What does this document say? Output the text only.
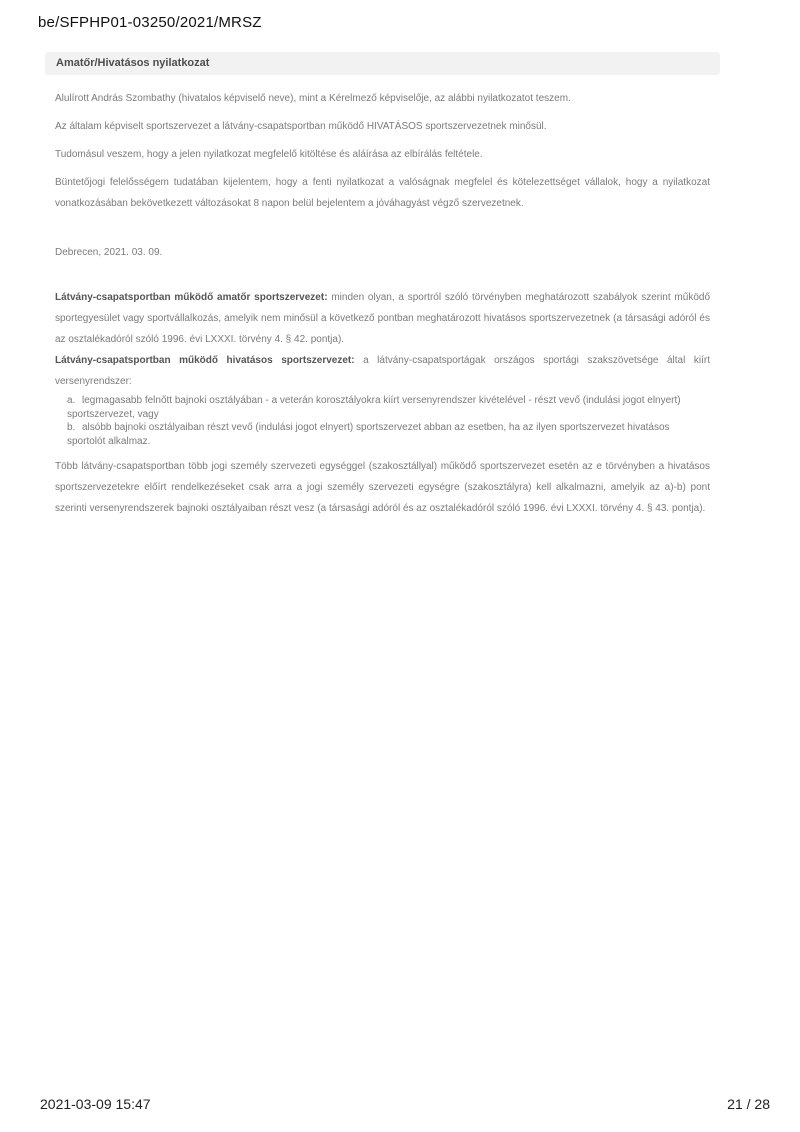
be/SFPHP01-03250/2021/MRSZ
Amatőr/Hivatásos nyilatkozat

Alulírott András Szombathy (hivatalos képviselő neve), mint a Kérelmező képviselője, az alábbi nyilatkozatot teszem.

Az általam képviselt sportszervezet a látvány-csapatsportban működő HIVATÁSOS sportszervezetnek minősül.

Tudomásul veszem, hogy a jelen nyilatkozat megfelelő kitöltése és aláírása az elbírálás feltétele.

Büntetőjogi felelősségem tudatában kijelentem, hogy a fenti nyilatkozat a valóságnak megfelel és kötelezettséget vállalok, hogy a nyilatkozat vonatkozásában bekövetkezett változásokat 8 napon belül bejelentem a jóváhagyást végző szervezetnek.

Debrecen, 2021. 03. 09.

Látvány-csapatsportban működő amatőr sportszervezet: minden olyan, a sportról szóló törvényben meghatározott szabályok szerint működő sportegyesület vagy sportvállalkozás, amelyik nem minősül a következő pontban meghatározott hivatásos sportszervezetnek (a társasági adóról és az osztalékadóról szóló 1996. évi LXXXI. törvény 4. § 42. pontja).

Látvány-csapatsportban működő hivatásos sportszervezet: a látvány-csapatsportágak országos sportági szakszövetsége által kiírt versenyrendszer:

a. legmagasabb felnőtt bajnoki osztályában - a veterán korosztályokra kiírt versenyrendszer kivételével - részt vevő (indulási jogot elnyert) sportszervezet, vagy
b. alsóbb bajnoki osztályaiban részt vevő (indulási jogot elnyert) sportszervezet abban az esetben, ha az ilyen sportszervezet hivatásos sportolót alkalmaz.

Több látvány-csapatsportban több jogi személy szervezeti egységgel (szakosztállyal) működő sportszervezet esetén az e törvényben a hivatásos sportszervezetekre előírt rendelkezéseket csak arra a jogi személy szervezeti egységre (szakosztályra) kell alkalmazni, amelyik az a)-b) pont szerinti versenyrendszerek bajnoki osztályaiban részt vesz (a társasági adóról és az osztalékadóról szóló 1996. évi LXXXI. törvény 4. § 43. pontja).

2021-03-09 15:47	21 / 28
